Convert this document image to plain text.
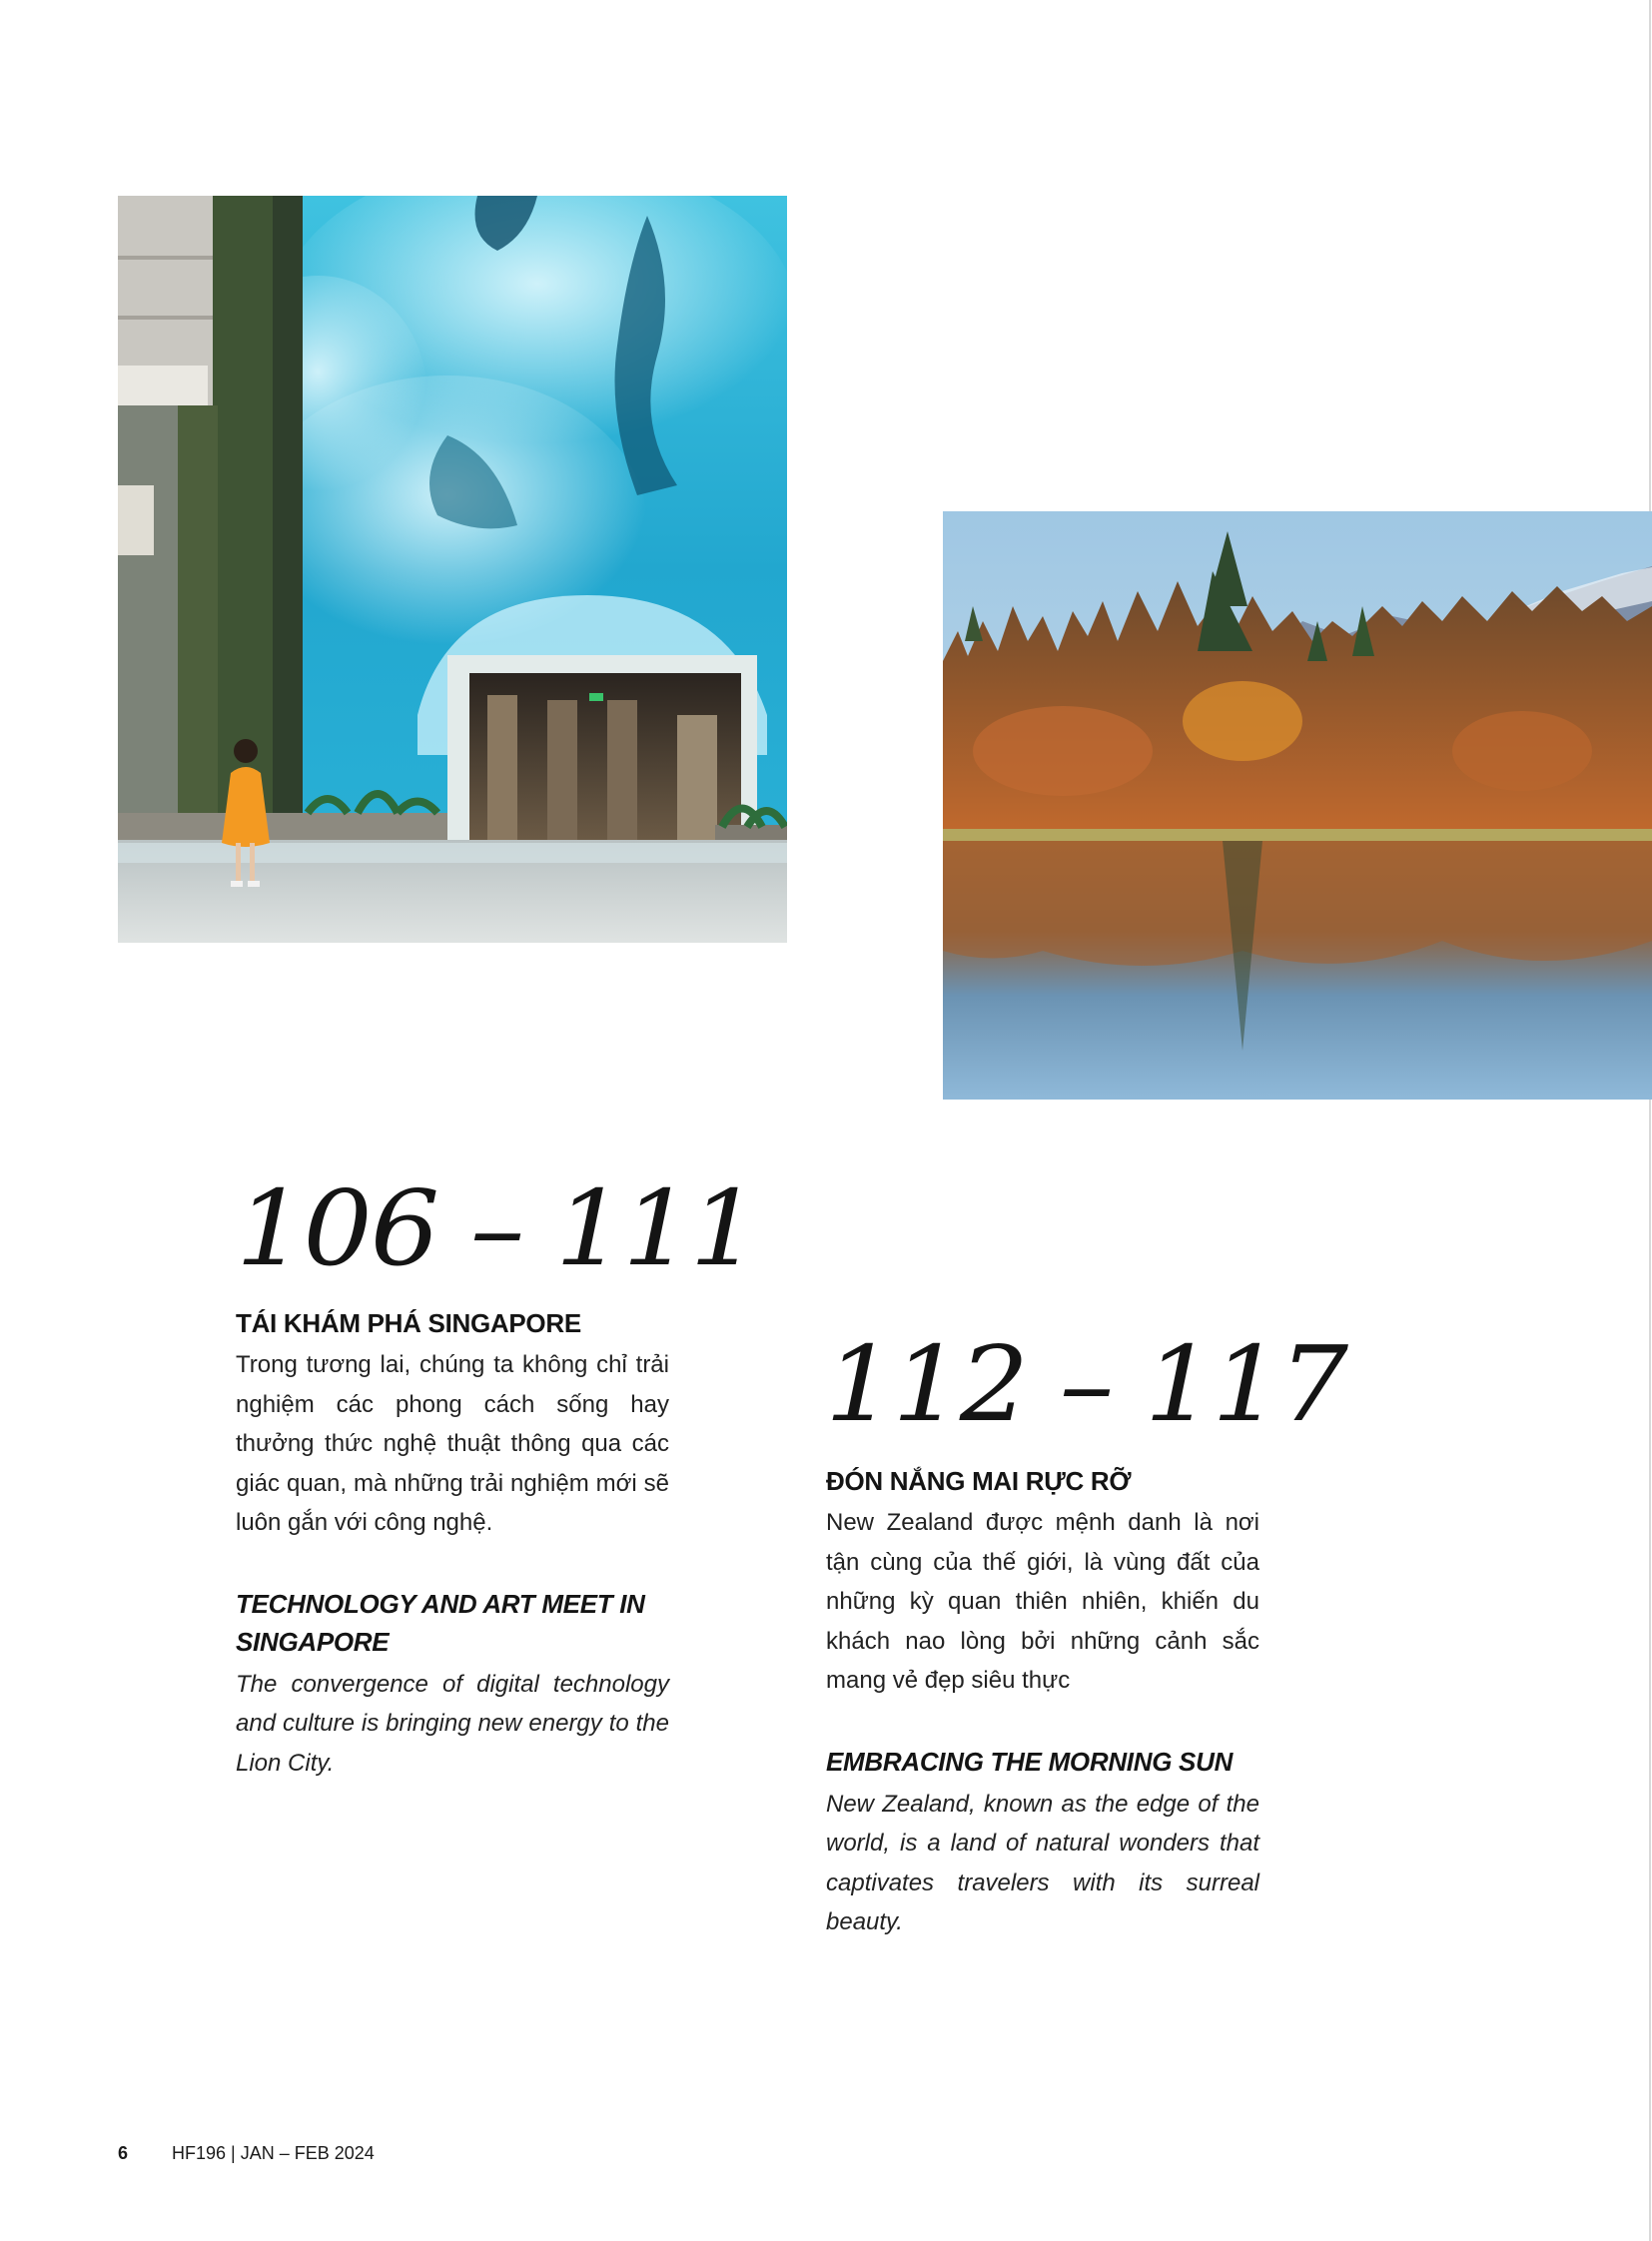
106 – 111
TÁI KHÁM PHÁ SINGAPORE

Trong tương lai, chúng ta không chỉ trải nghiệm các phong cách sống hay thưởng thức nghệ thuật thông qua các giác quan, mà những trải nghiệm mới sẽ luôn gắn với công nghệ.

TECHNOLOGY AND ART MEET IN SINGAPORE

The convergence of digital technology and culture is bringing new energy to the Lion City.

112 – 117
ĐÓN NẮNG MAI RỰC RỠ

New Zealand được mệnh danh là nơi tận cùng của thế giới, là vùng đất của những kỳ quan thiên nhiên, khiến du khách nao lòng bởi những cảnh sắc mang vẻ đẹp siêu thực

EMBRACING THE MORNING SUN

New Zealand, known as the edge of the world, is a land of natural wonders that captivates travelers with its surreal beauty.

6 HF196 | JAN – FEB 2024
